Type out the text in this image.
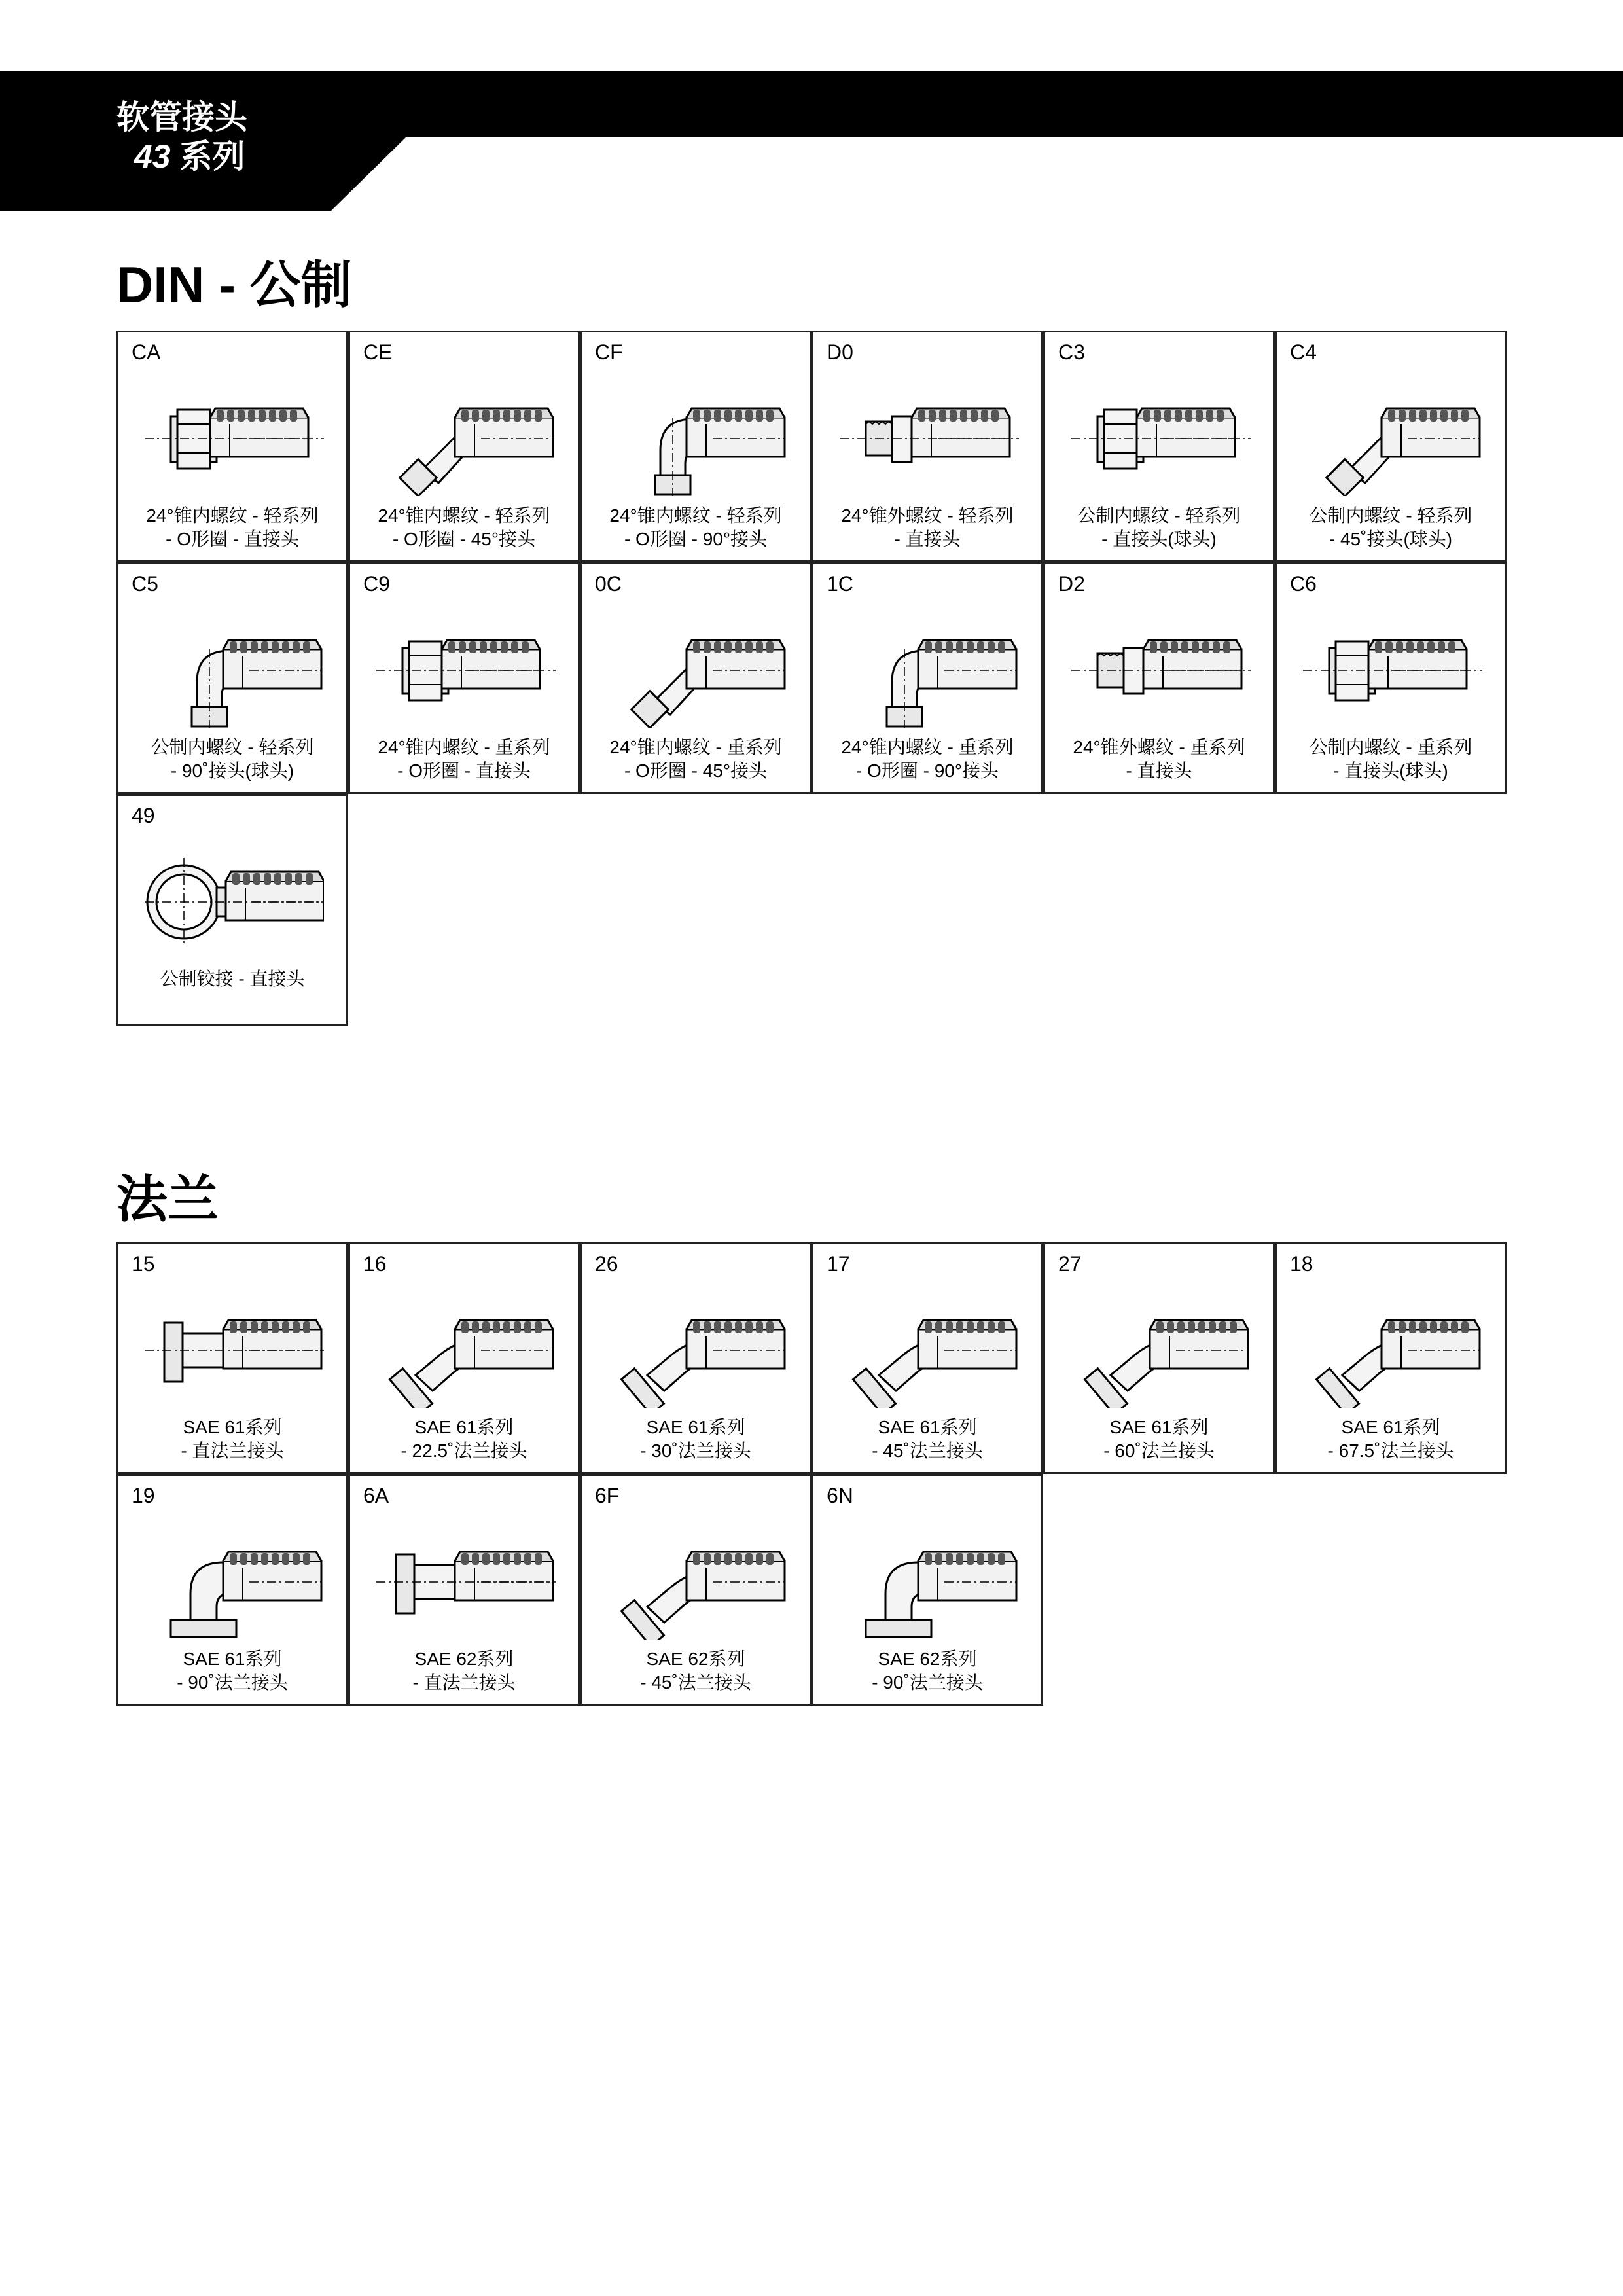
软管接头
43 系列
DIN - 公制
CA
24°锥内螺纹 - 轻系列
- O形圈 - 直接头
CE
24°锥内螺纹 - 轻系列
- O形圈 - 45°接头
CF
24°锥内螺纹 - 轻系列
- O形圈 - 90°接头
D0
24°锥外螺纹 - 轻系列
- 直接头
C3
公制内螺纹 - 轻系列
- 直接头(球头)
C4
公制内螺纹 - 轻系列
- 45˚接头(球头)
C5
公制内螺纹 - 轻系列
- 90˚接头(球头)
C9
24°锥内螺纹 - 重系列
- O形圈 - 直接头
0C
24°锥内螺纹 - 重系列
- O形圈 - 45°接头
1C
24°锥内螺纹 - 重系列
- O形圈 - 90°接头
D2
24°锥外螺纹 - 重系列
- 直接头
C6
公制内螺纹 - 重系列
- 直接头(球头)
49
公制铰接 - 直接头
法兰
15
SAE 61系列
- 直法兰接头
16
SAE 61系列
- 22.5˚法兰接头
26
SAE 61系列
- 30˚法兰接头
17
SAE 61系列
- 45˚法兰接头
27
SAE 61系列
- 60˚法兰接头
18
SAE 61系列
- 67.5˚法兰接头
19
SAE 61系列
- 90˚法兰接头
6A
SAE 62系列
- 直法兰接头
6F
SAE 62系列
- 45˚法兰接头
6N
SAE 62系列
- 90˚法兰接头
